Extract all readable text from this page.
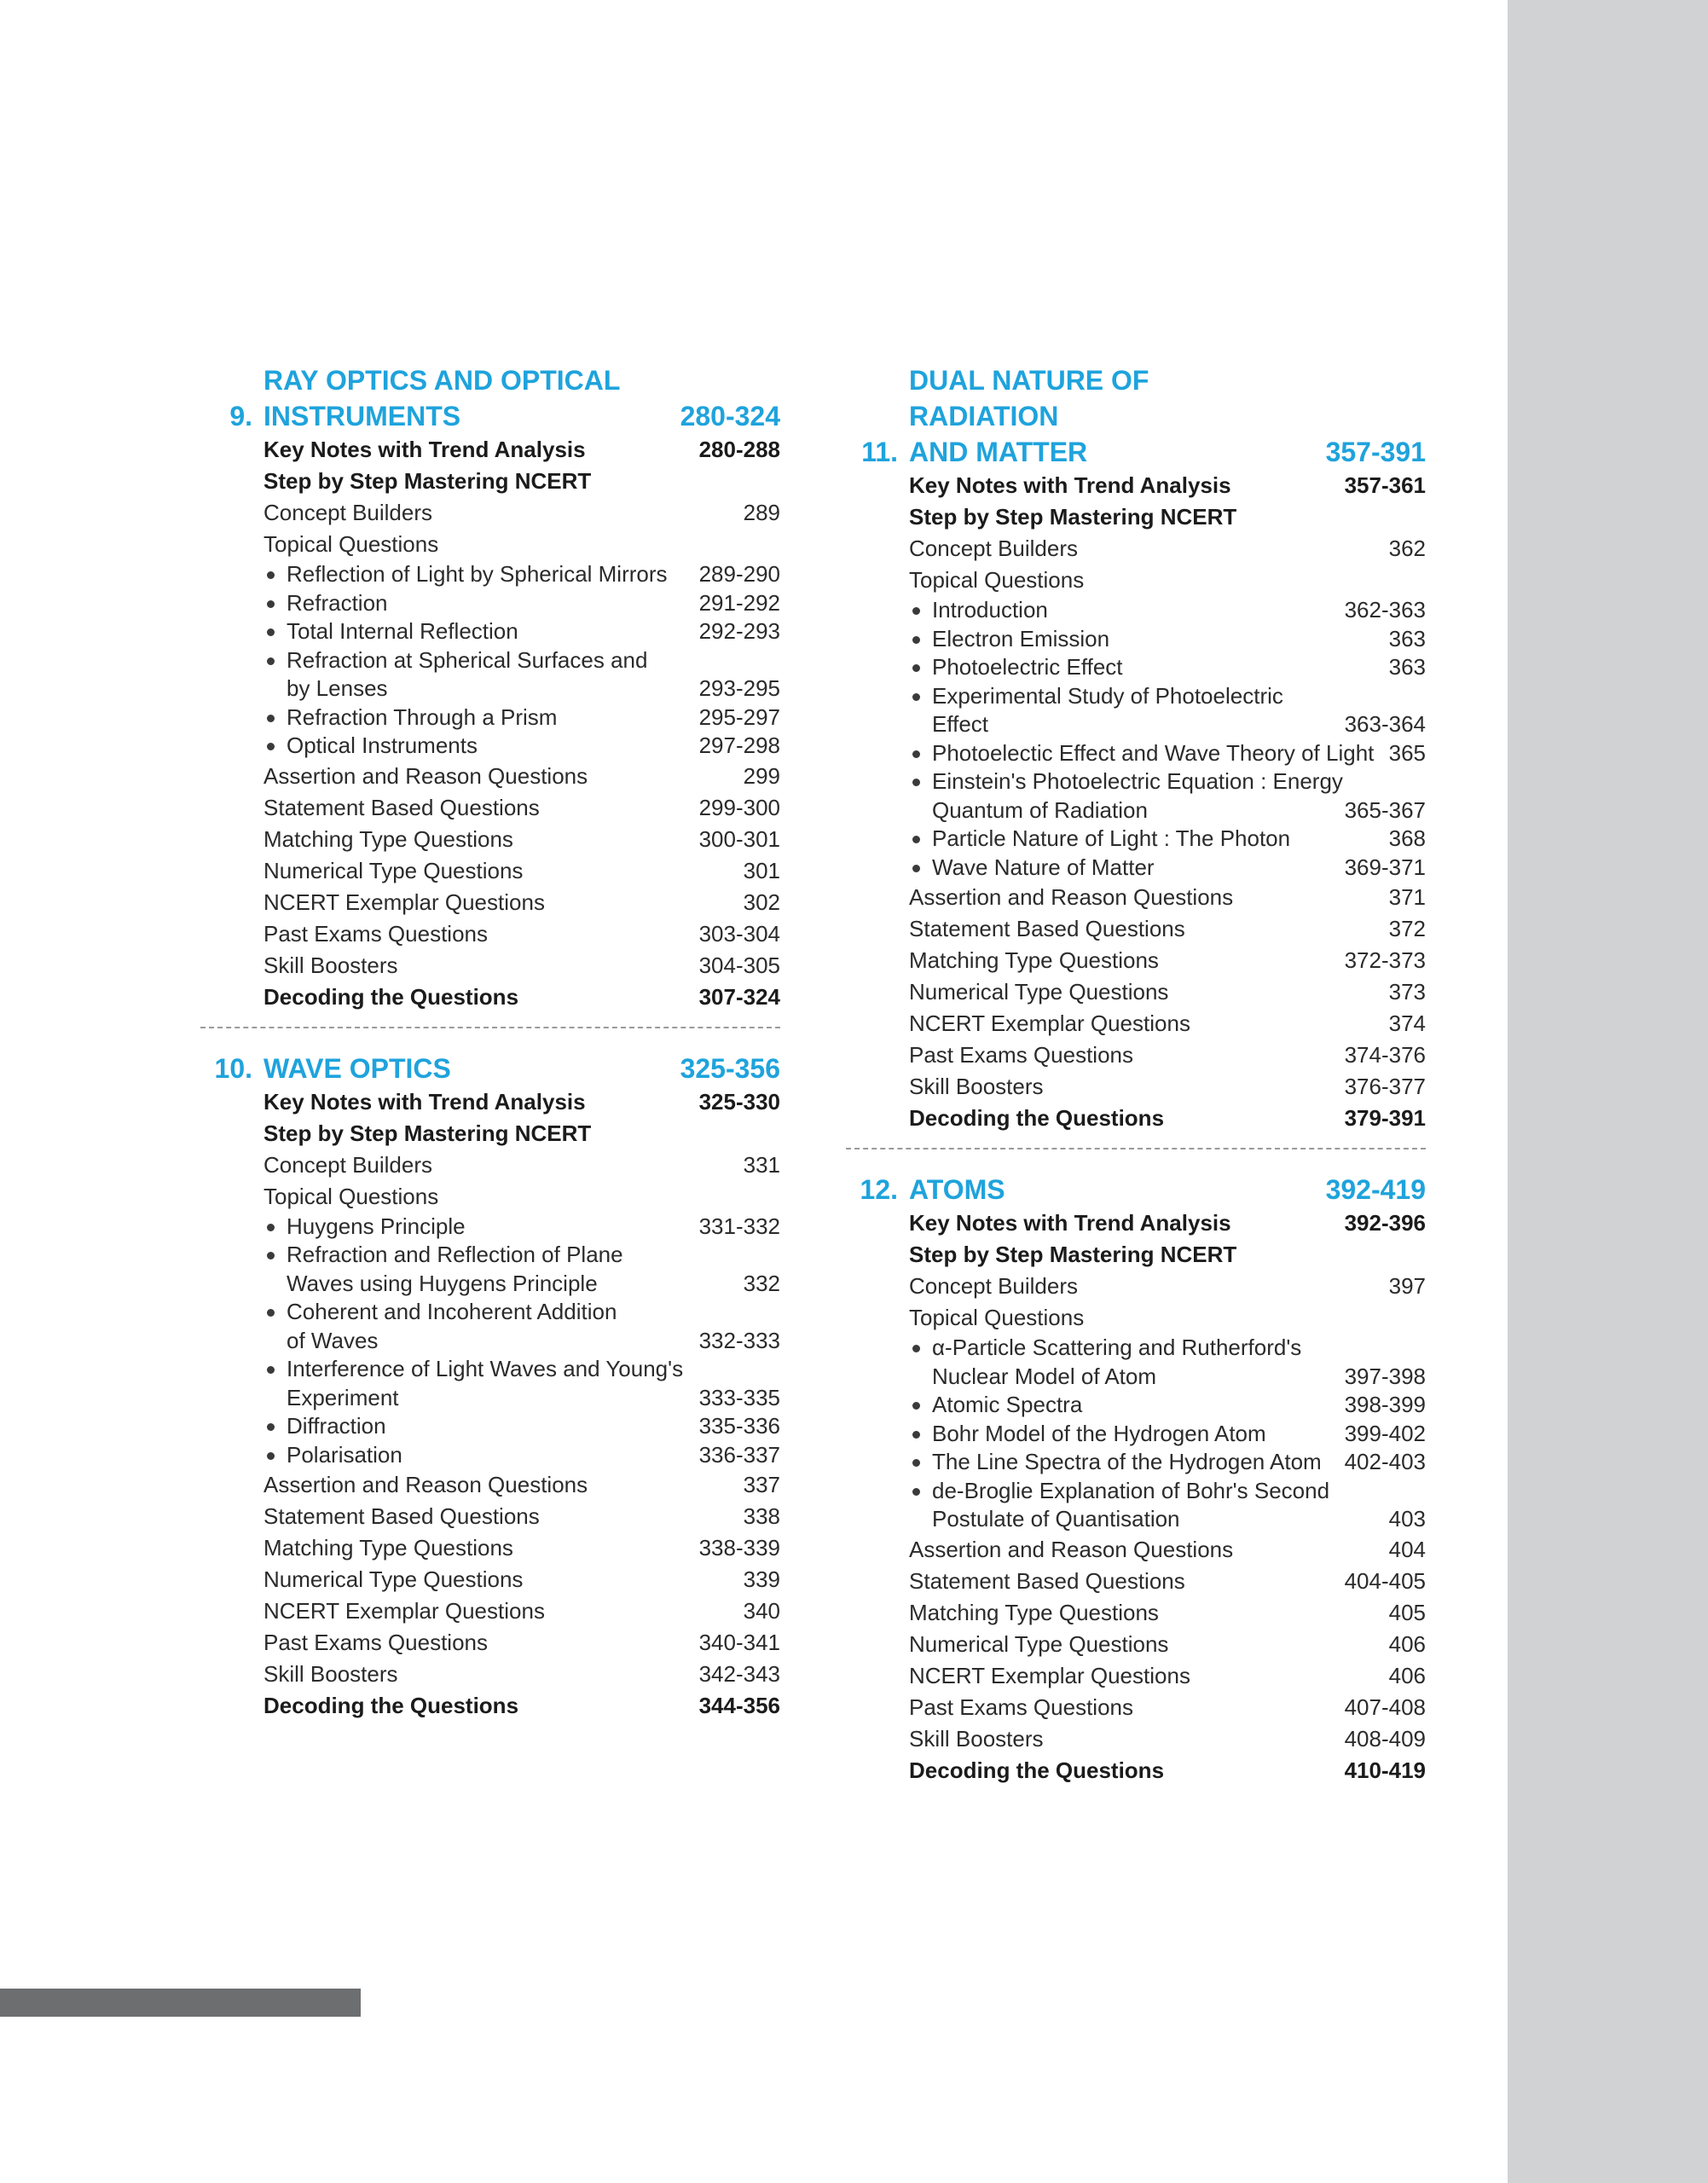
9.
RAY OPTICS AND OPTICAL
INSTRUMENTS	280-324
Key Notes with Trend Analysis	280-288
Step by Step Mastering NCERT
Concept Builders	289
Topical Questions
Reflection of Light by Spherical Mirrors	289-290
Refraction	291-292
Total Internal Reflection	292-293
Refraction at Spherical Surfaces and
by Lenses	293-295
Refraction Through a Prism	295-297
Optical Instruments	297-298
Assertion and Reason Questions	299
Statement Based Questions	299-300
Matching Type Questions	300-301
Numerical Type Questions	301
NCERT Exemplar Questions	302
Past Exams Questions	303-304
Skill Boosters	304-305
Decoding the Questions	307-324
10. WAVE OPTICS	325-356
Key Notes with Trend Analysis	325-330
Step by Step Mastering NCERT
Concept Builders	331
Topical Questions
Huygens Principle	331-332
Refraction and Reflection of Plane
Waves using Huygens Principle	332
Coherent and Incoherent Addition
of Waves	332-333
Interference of Light Waves and Young's
Experiment	333-335
Diffraction	335-336
Polarisation	336-337
Assertion and Reason Questions	337
Statement Based Questions	338
Matching Type Questions	338-339
Numerical Type Questions	339
NCERT Exemplar Questions	340
Past Exams Questions	340-341
Skill Boosters	342-343
Decoding the Questions	344-356
11.
DUAL NATURE OF RADIATION
AND MATTER	357-391
Key Notes with Trend Analysis	357-361
Step by Step Mastering NCERT
Concept Builders	362
Topical Questions
Introduction	362-363
Electron Emission	363
Photoelectric Effect	363
Experimental Study of Photoelectric
Effect	363-364
Photoelectic Effect and Wave Theory of Light 365
Einstein's Photoelectric Equation : Energy
Quantum of Radiation	365-367
Particle Nature of Light : The Photon	368
Wave Nature of Matter	369-371
Assertion and Reason Questions	371
Statement Based Questions	372
Matching Type Questions	372-373
Numerical Type Questions	373
NCERT Exemplar Questions	374
Past Exams Questions	374-376
Skill Boosters	376-377
Decoding the Questions	379-391
12. ATOMS	392-419
Key Notes with Trend Analysis	392-396
Step by Step Mastering NCERT
Concept Builders	397
Topical Questions
α-Particle Scattering and Rutherford's
Nuclear Model of Atom	397-398
Atomic Spectra	398-399
Bohr Model of the Hydrogen Atom	399-402
The Line Spectra of the Hydrogen Atom	402-403
de-Broglie Explanation of Bohr's Second
Postulate of Quantisation	403
Assertion and Reason Questions	404
Statement Based Questions	404-405
Matching Type Questions	405
Numerical Type Questions	406
NCERT Exemplar Questions	406
Past Exams Questions	407-408
Skill Boosters	408-409
Decoding the Questions	410-419
